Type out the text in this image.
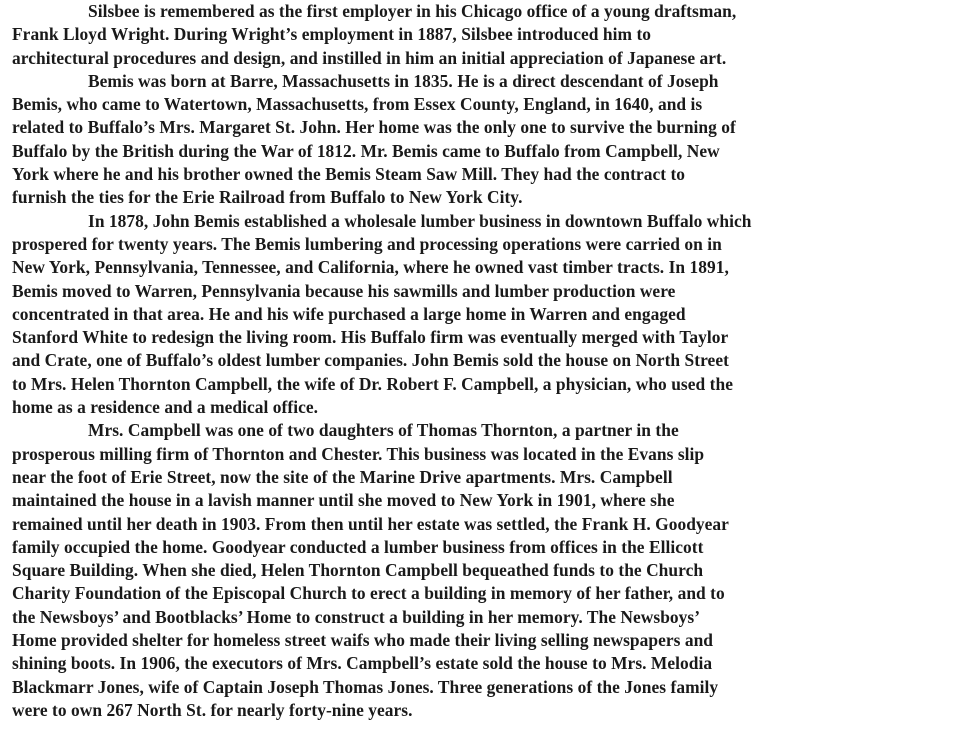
Silsbee is remembered as the first employer in his Chicago office of a young draftsman,
Frank Lloyd Wright. During Wright’s employment in 1887, Silsbee introduced him to
architectural procedures and design, and instilled in him an initial appreciation of Japanese art.
Bemis was born at Barre, Massachusetts in 1835. He is a direct descendant of Joseph
Bemis, who came to Watertown, Massachusetts, from Essex County, England, in 1640, and is
related to Buffalo’s Mrs. Margaret St. John. Her home was the only one to survive the burning of
Buffalo by the British during the War of 1812. Mr. Bemis came to Buffalo from Campbell, New
York where he and his brother owned the Bemis Steam Saw Mill. They had the contract to
furnish the ties for the Erie Railroad from Buffalo to New York City.
In 1878, John Bemis established a wholesale lumber business in downtown Buffalo which
prospered for twenty years. The Bemis lumbering and processing operations were carried on in
New York, Pennsylvania, Tennessee, and California, where he owned vast timber tracts. In 1891,
Bemis moved to Warren, Pennsylvania because his sawmills and lumber production were
concentrated in that area. He and his wife purchased a large home in Warren and engaged
Stanford White to redesign the living room. His Buffalo firm was eventually merged with Taylor
and Crate, one of Buffalo’s oldest lumber companies. John Bemis sold the house on North Street
to Mrs. Helen Thornton Campbell, the wife of Dr. Robert F. Campbell, a physician, who used the
home as a residence and a medical office.
Mrs. Campbell was one of two daughters of Thomas Thornton, a partner in the
prosperous milling firm of Thornton and Chester. This business was located in the Evans slip
near the foot of Erie Street, now the site of the Marine Drive apartments. Mrs. Campbell
maintained the house in a lavish manner until she moved to New York in 1901, where she
remained until her death in 1903. From then until her estate was settled, the Frank H. Goodyear
family occupied the home. Goodyear conducted a lumber business from offices in the Ellicott
Square Building. When she died, Helen Thornton Campbell bequeathed funds to the Church
Charity Foundation of the Episcopal Church to erect a building in memory of her father, and to
the Newsboys’ and Bootblacks’ Home to construct a building in her memory. The Newsboys’
Home provided shelter for homeless street waifs who made their living selling newspapers and
shining boots. In 1906, the executors of Mrs. Campbell’s estate sold the house to Mrs. Melodia
Blackmarr Jones, wife of Captain Joseph Thomas Jones. Three generations of the Jones family
were to own 267 North St. for nearly forty-nine years.
